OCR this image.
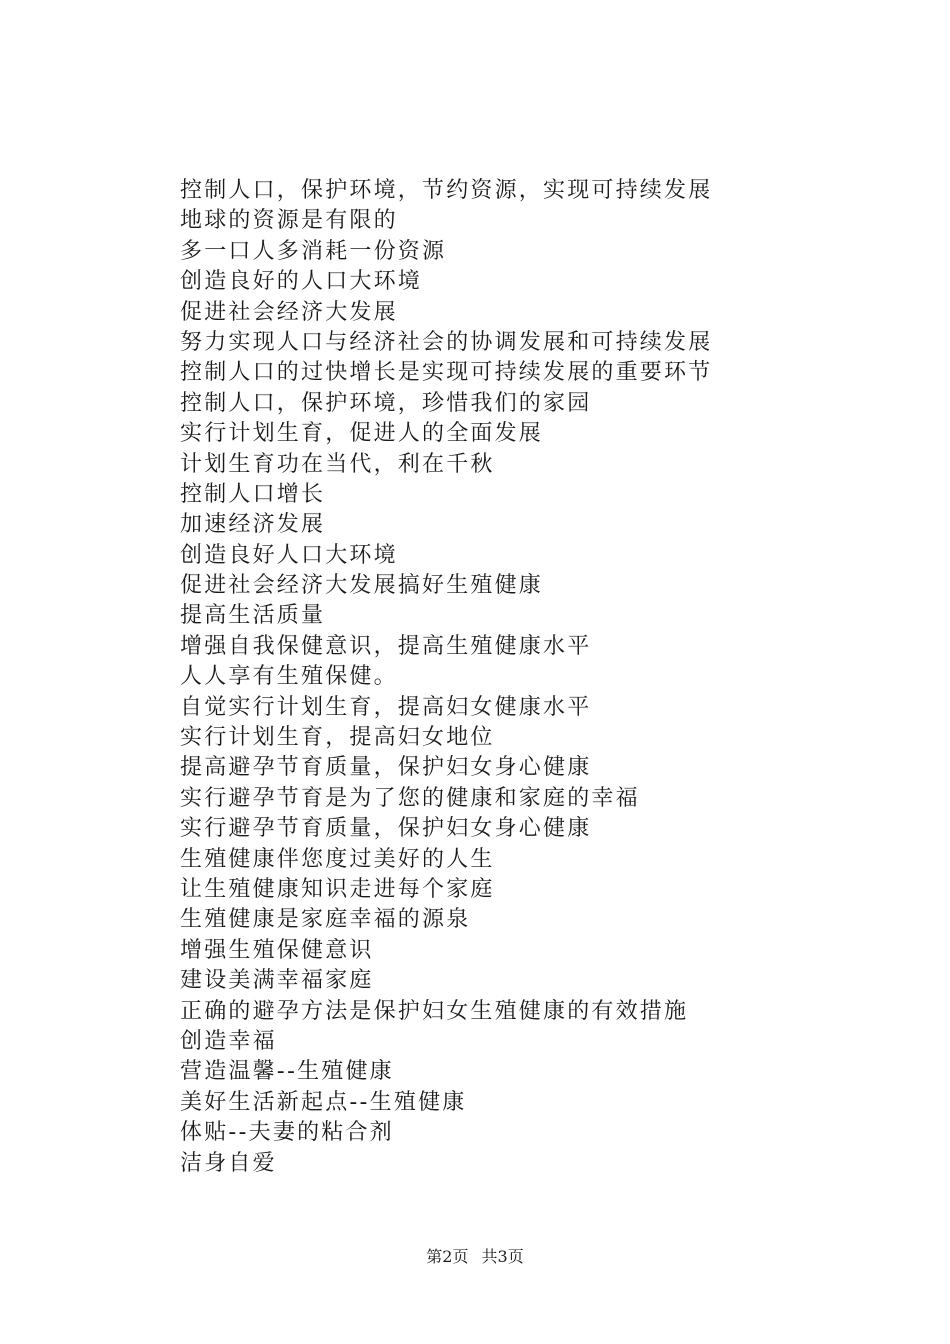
控制人口，保护环境，节约资源，实现可持续发展
地球的资源是有限的
多一口人多消耗一份资源
创造良好的人口大环境
促进社会经济大发展
努力实现人口与经济社会的协调发展和可持续发展
控制人口的过快增长是实现可持续发展的重要环节
控制人口，保护环境，珍惜我们的家园
实行计划生育，促进人的全面发展
计划生育功在当代，利在千秋
控制人口增长
加速经济发展
创造良好人口大环境
促进社会经济大发展搞好生殖健康
提高生活质量
增强自我保健意识，提高生殖健康水平
人人享有生殖保健。
自觉实行计划生育，提高妇女健康水平
实行计划生育，提高妇女地位
提高避孕节育质量，保护妇女身心健康
实行避孕节育是为了您的健康和家庭的幸福
实行避孕节育质量，保护妇女身心健康
生殖健康伴您度过美好的人生
让生殖健康知识走进每个家庭
生殖健康是家庭幸福的源泉
增强生殖保健意识
建设美满幸福家庭
正确的避孕方法是保护妇女生殖健康的有效措施
创造幸福
营造温馨--生殖健康
美好生活新起点--生殖健康
体贴--夫妻的粘合剂
洁身自爱
第2页 共3页
